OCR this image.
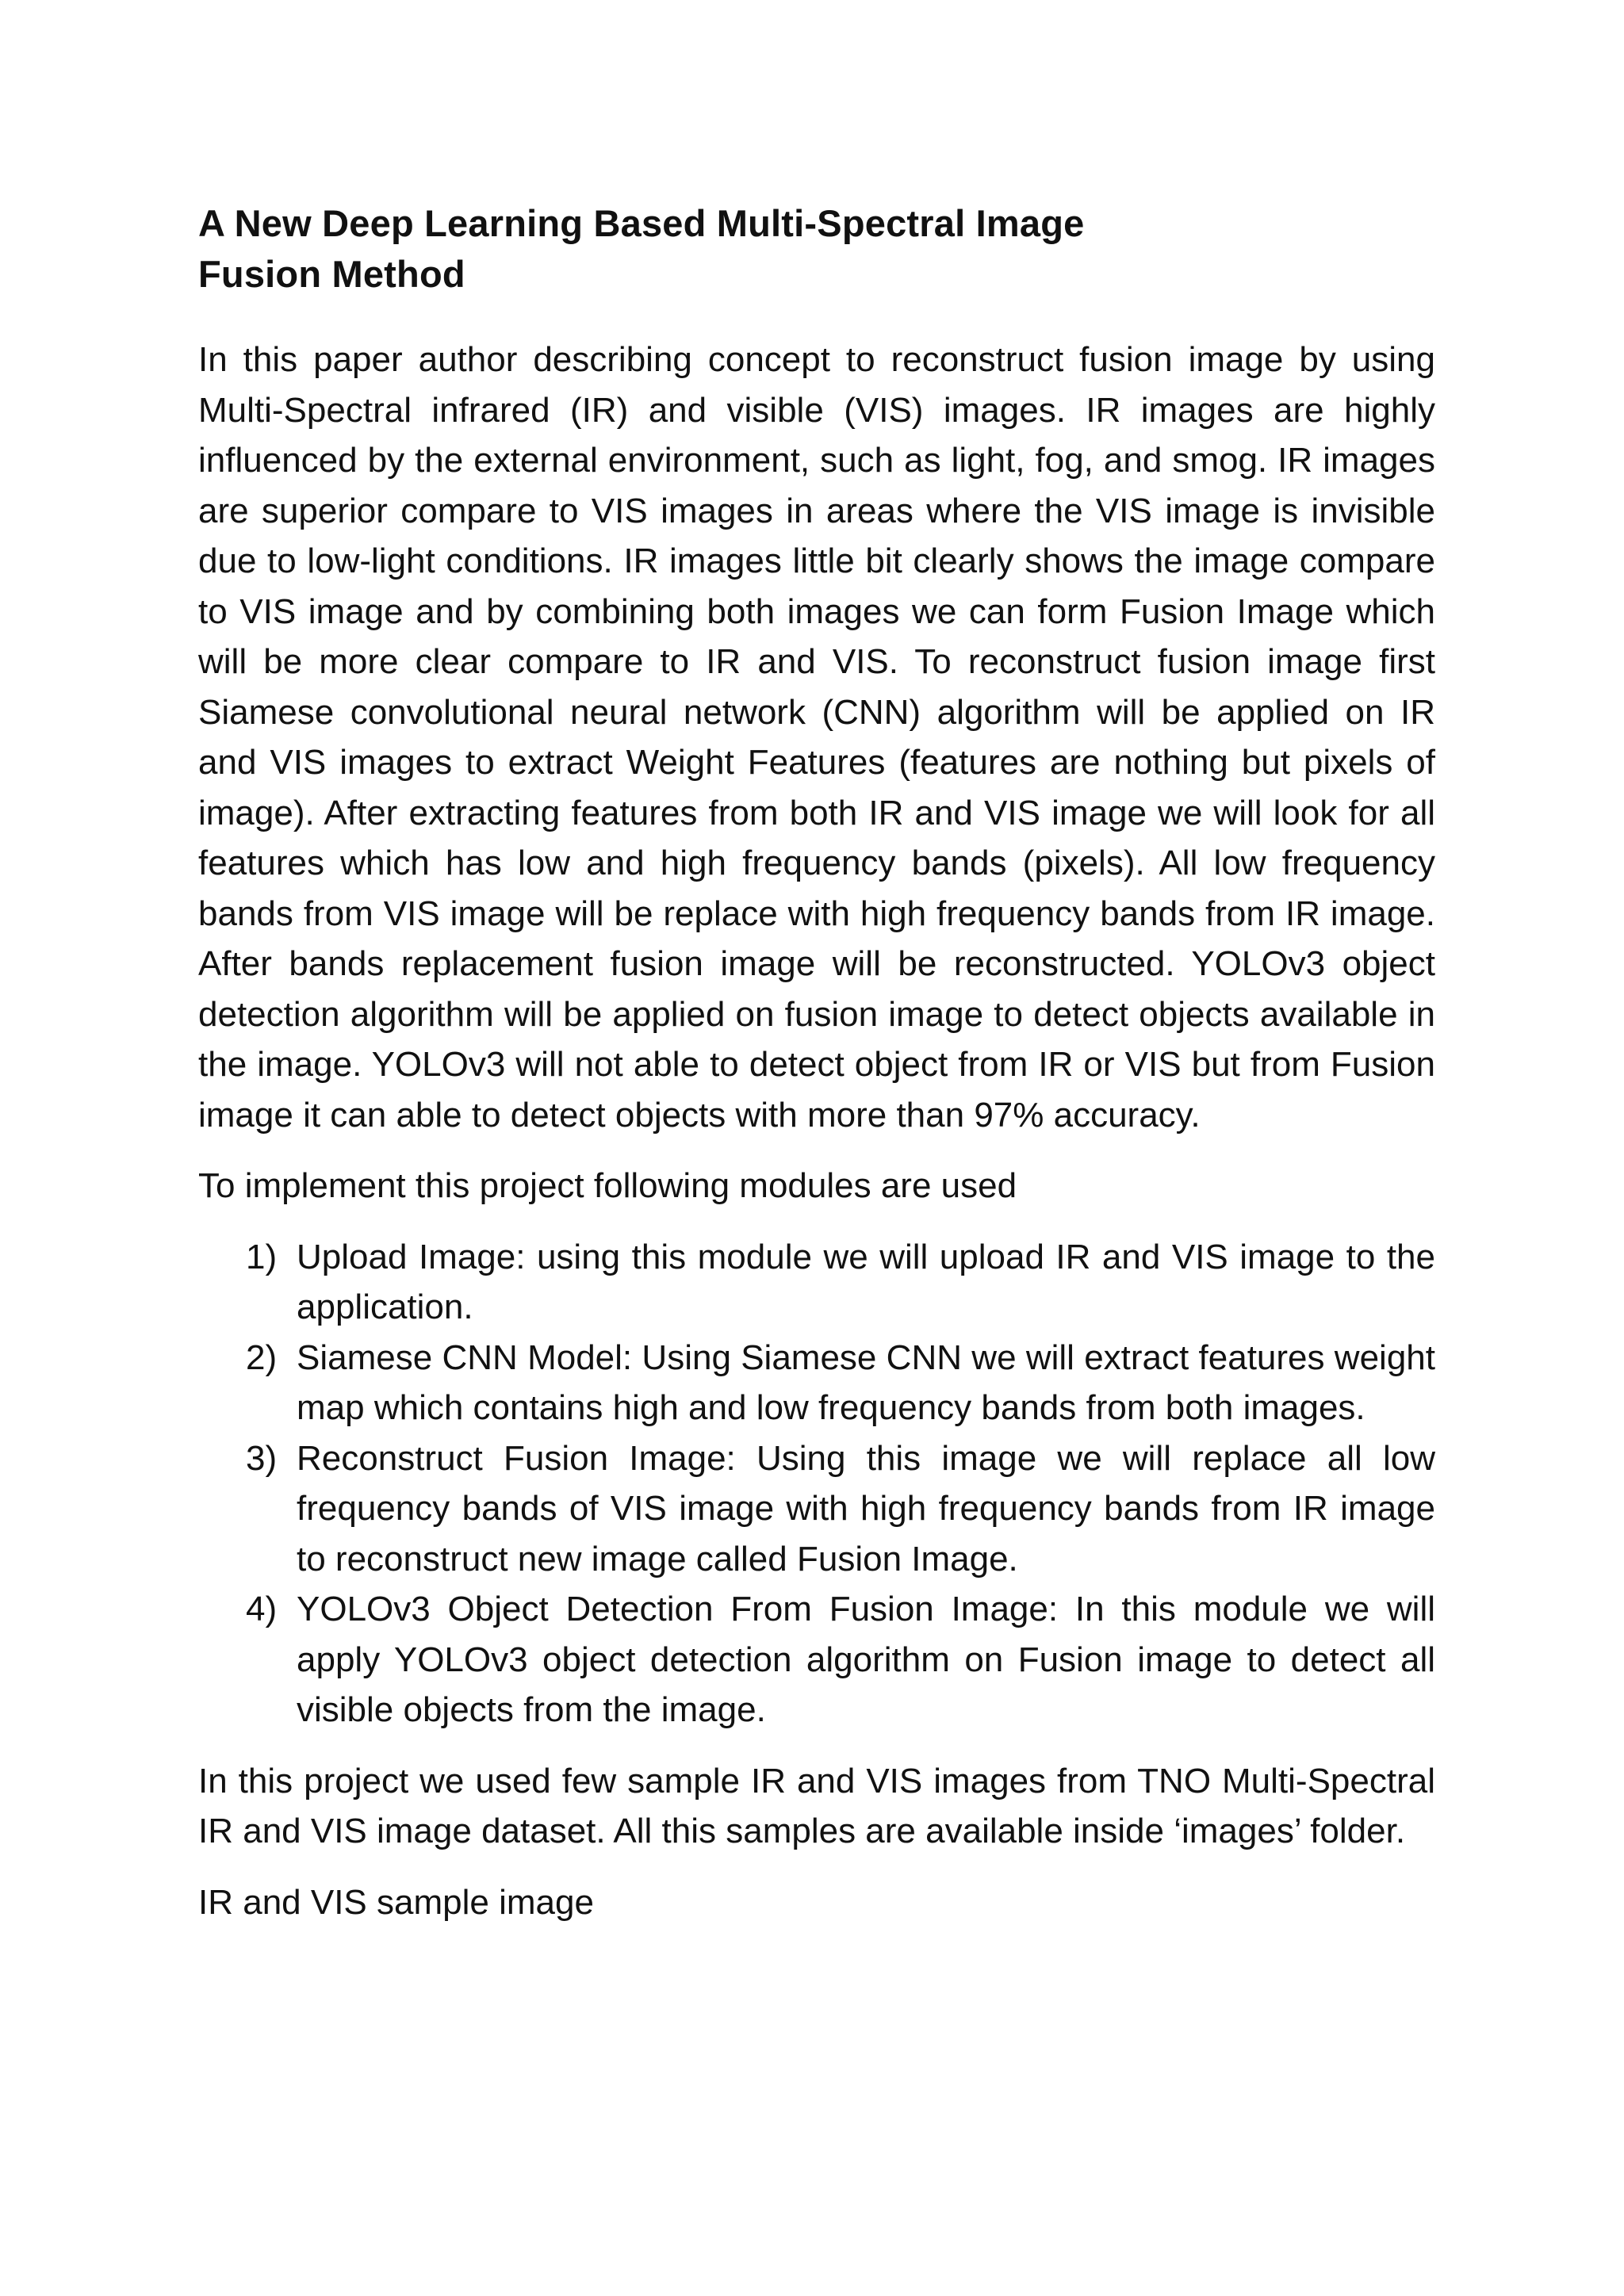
A New Deep Learning Based Multi-Spectral Image
Fusion Method

In this paper author describing concept to reconstruct fusion image by using Multi-Spectral infrared (IR) and visible (VIS) images. IR images are highly influenced by the external environment, such as light, fog, and smog. IR images are superior compare to VIS images in areas where the VIS image is invisible due to low-light conditions. IR images little bit clearly shows the image compare to VIS image and by combining both images we can form Fusion Image which will be more clear compare to IR and VIS. To reconstruct fusion image first Siamese convolutional neural network (CNN) algorithm will be applied on IR and VIS images to extract Weight Features (features are nothing but pixels of image). After extracting features from both IR and VIS image we will look for all features which has low and high frequency bands (pixels). All low frequency bands from VIS image will be replace with high frequency bands from IR image. After bands replacement fusion image will be reconstructed. YOLOv3 object detection algorithm will be applied on fusion image to detect objects available in the image. YOLOv3 will not able to detect object from IR or VIS but from Fusion image it can able to detect objects with more than 97% accuracy.

To implement this project following modules are used

1) Upload Image: using this module we will upload IR and VIS image to the application.
2) Siamese CNN Model: Using Siamese CNN we will extract features weight map which contains high and low frequency bands from both images.
3) Reconstruct Fusion Image: Using this image we will replace all low frequency bands of VIS image with high frequency bands from IR image to reconstruct new image called Fusion Image.
4) YOLOv3 Object Detection From Fusion Image: In this module we will apply YOLOv3 object detection algorithm on Fusion image to detect all visible objects from the image.

In this project we used few sample IR and VIS images from TNO Multi-Spectral IR and VIS image dataset. All this samples are available inside ‘images’ folder.

IR and VIS sample image
